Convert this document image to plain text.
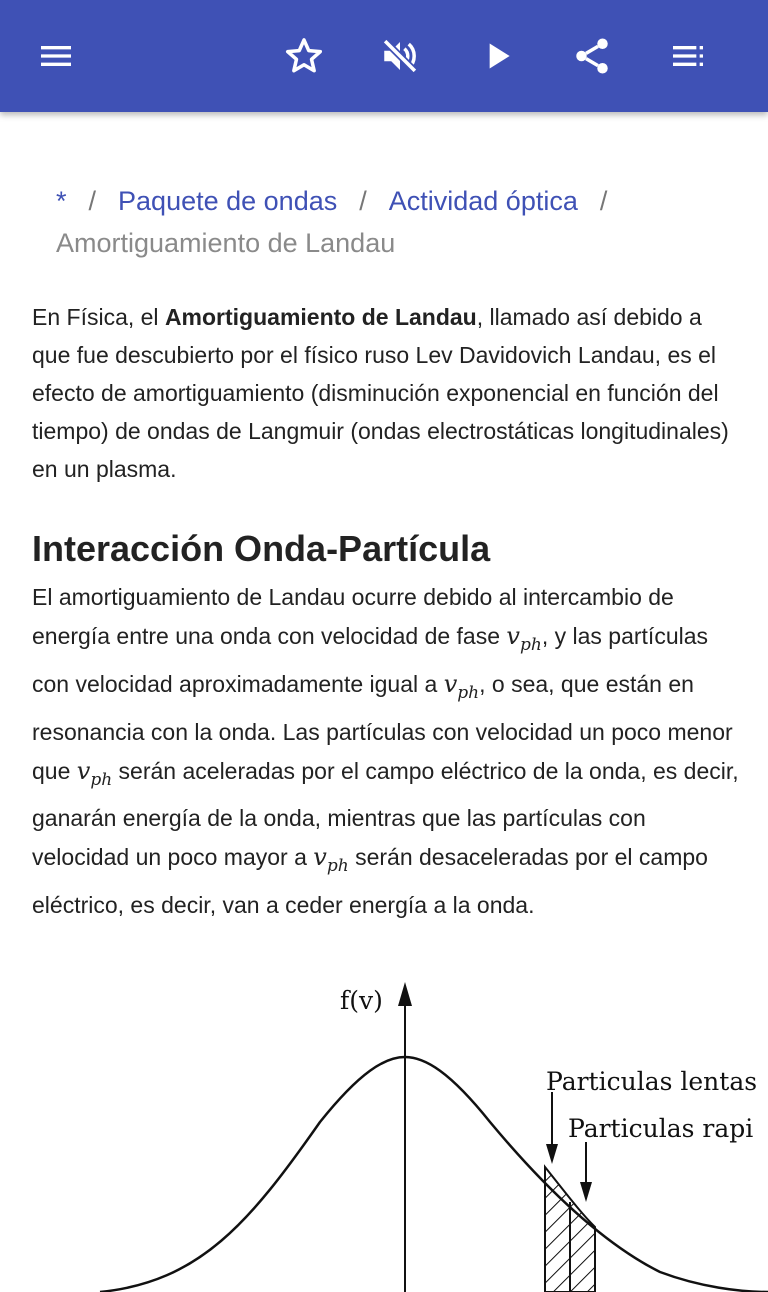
* / Paquete de ondas / Actividad óptica /
Amortiguamiento de Landau
En Física, el Amortiguamiento de Landau, llamado así debido a que fue descubierto por el físico ruso Lev Davidovich Landau, es el efecto de amortiguamiento (disminución exponencial en función del tiempo) de ondas de Langmuir (ondas electrostáticas longitudinales) en un plasma.
Interacción Onda-Partícula
El amortiguamiento de Landau ocurre debido al intercambio de energía entre una onda con velocidad de fase $v_{ph}$, y las partículas con velocidad aproximadamente igual a $v_{ph}$, o sea, que están en resonancia con la onda. Las partículas con velocidad un poco menor que $v_{ph}$ serán aceleradas por el campo eléctrico de la onda, es decir, ganarán energía de la onda, mientras que las partículas con velocidad un poco mayor a $v_{ph}$ serán desaceleradas por el campo eléctrico, es decir, van a ceder energía a la onda.
f(v)
Particulas lentas
Particulas rapi
